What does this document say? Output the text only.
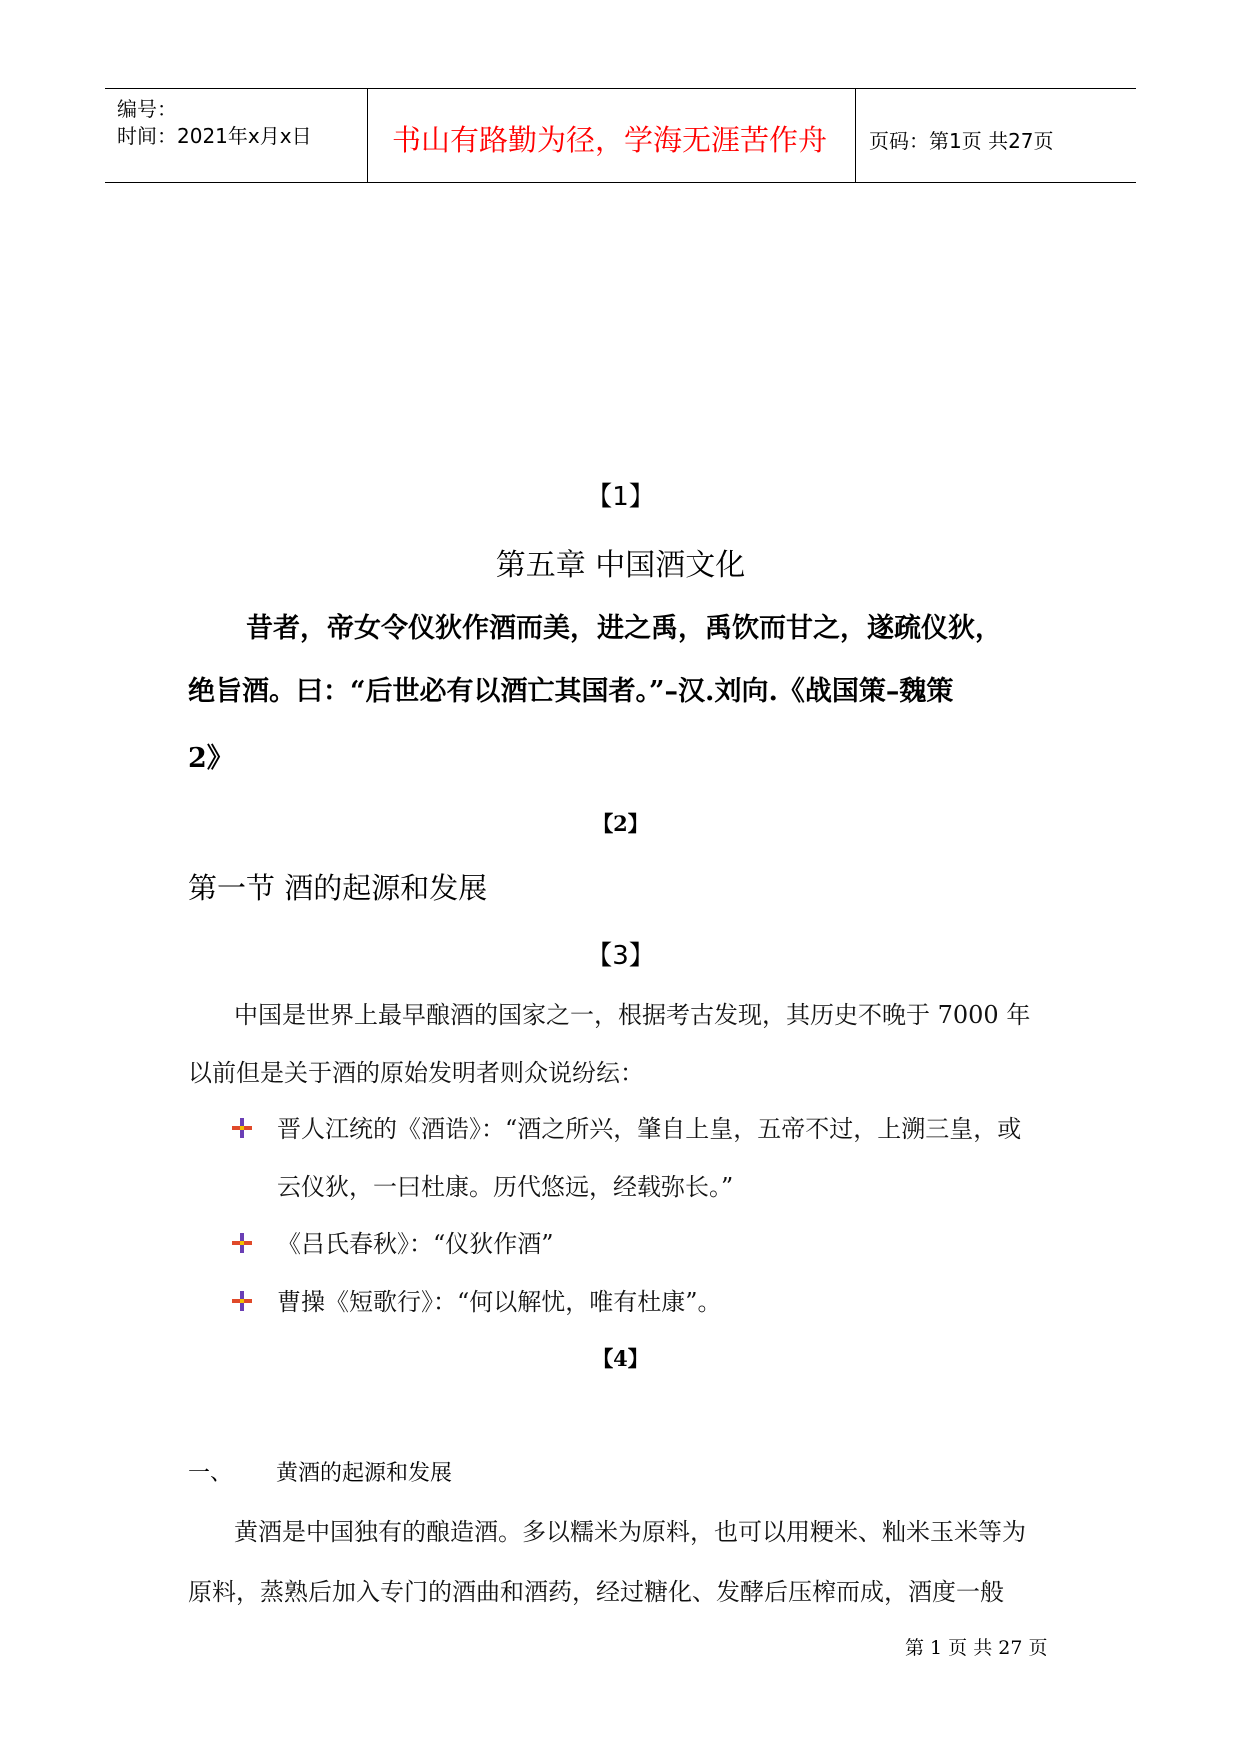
编号：
时间：2021年x月x日	书山有路勤为径，学海无涯苦作舟 页码：第1页 共27页
【1】
第五章 中国酒文化
昔者，帝女令仪狄作酒而美，进之禹，禹饮而甘之，遂疏仪狄，
绝旨酒。曰：“后世必有以酒亡其国者。”–汉.刘向.《战国策–魏策
2》
【2】
第一节 酒的起源和发展
【3】
中国是世界上最早酿酒的国家之一，根据考古发现，其历史不晚于 7000 年
以前但是关于酒的原始发明者则众说纷纭：
晋人江统的《酒诰》：“酒之所兴，肇自上皇，五帝不过，上溯三皇，或
云仪狄，一曰杜康。历代悠远，经载弥长。”
《吕氏春秋》：“仪狄作酒”
曹操《短歌行》：“何以解忧，唯有杜康”。
【4】
一、 黄酒的起源和发展
黄酒是中国独有的酿造酒。多以糯米为原料，也可以用粳米、籼米玉米等为
原料，蒸熟后加入专门的酒曲和酒药，经过糖化、发酵后压榨而成，酒度一般
第 1 页 共 27 页
